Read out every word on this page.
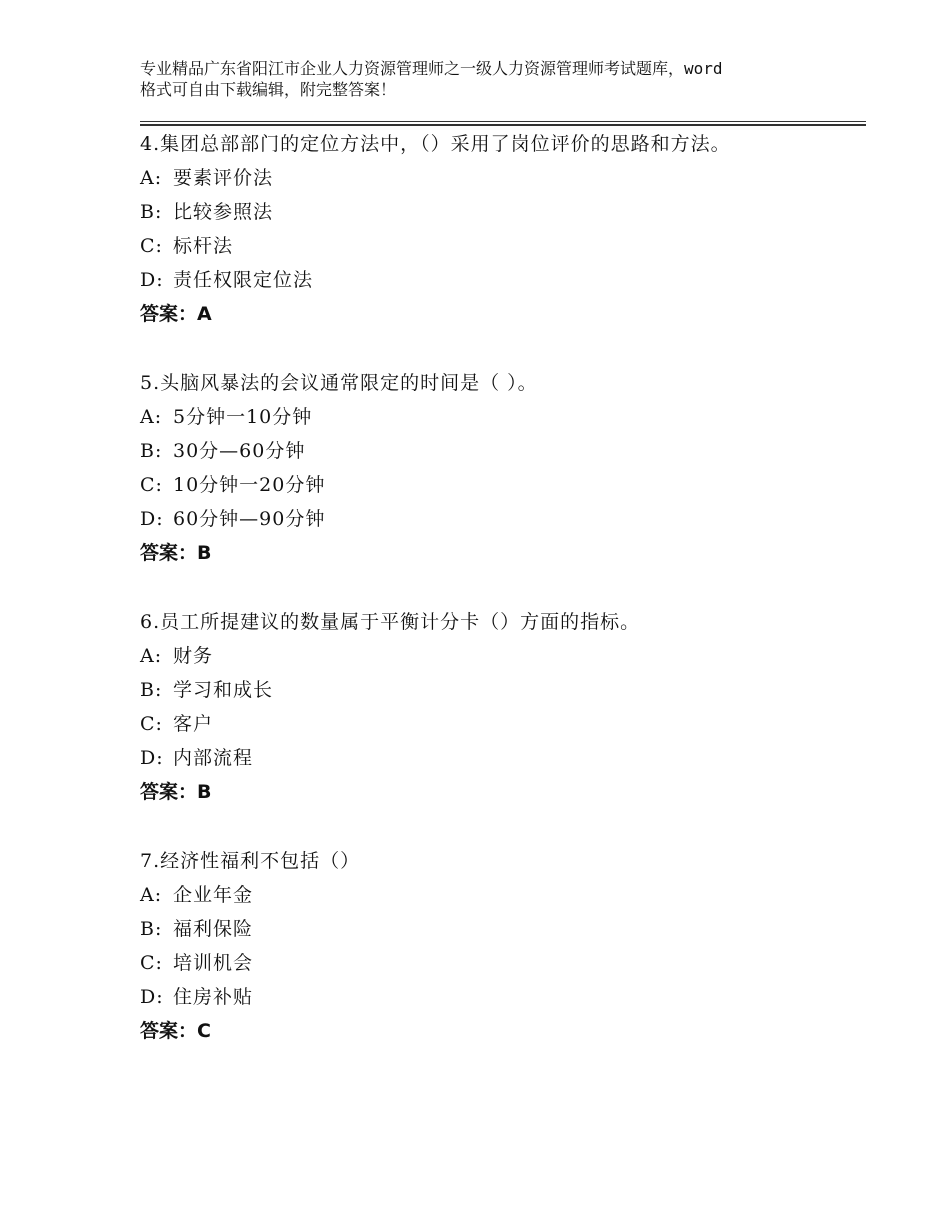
专业精品广东省阳江市企业人力资源管理师之一级人力资源管理师考试题库，word
格式可自由下载编辑，附完整答案！
4.集团总部部门的定位方法中，（）采用了岗位评价的思路和方法。
A: 要素评价法
B: 比较参照法
C: 标杆法
D: 责任权限定位法
答案：A
5.头脑风暴法的会议通常限定的时间是（ ）。
A: 5分钟一10分钟
B: 30分—60分钟
C: 10分钟一20分钟
D: 60分钟—90分钟
答案：B
6.员工所提建议的数量属于平衡计分卡（）方面的指标。
A: 财务
B: 学习和成长
C: 客户
D: 内部流程
答案：B
7.经济性福利不包括（）
A: 企业年金
B: 福利保险
C: 培训机会
D: 住房补贴
答案：C
